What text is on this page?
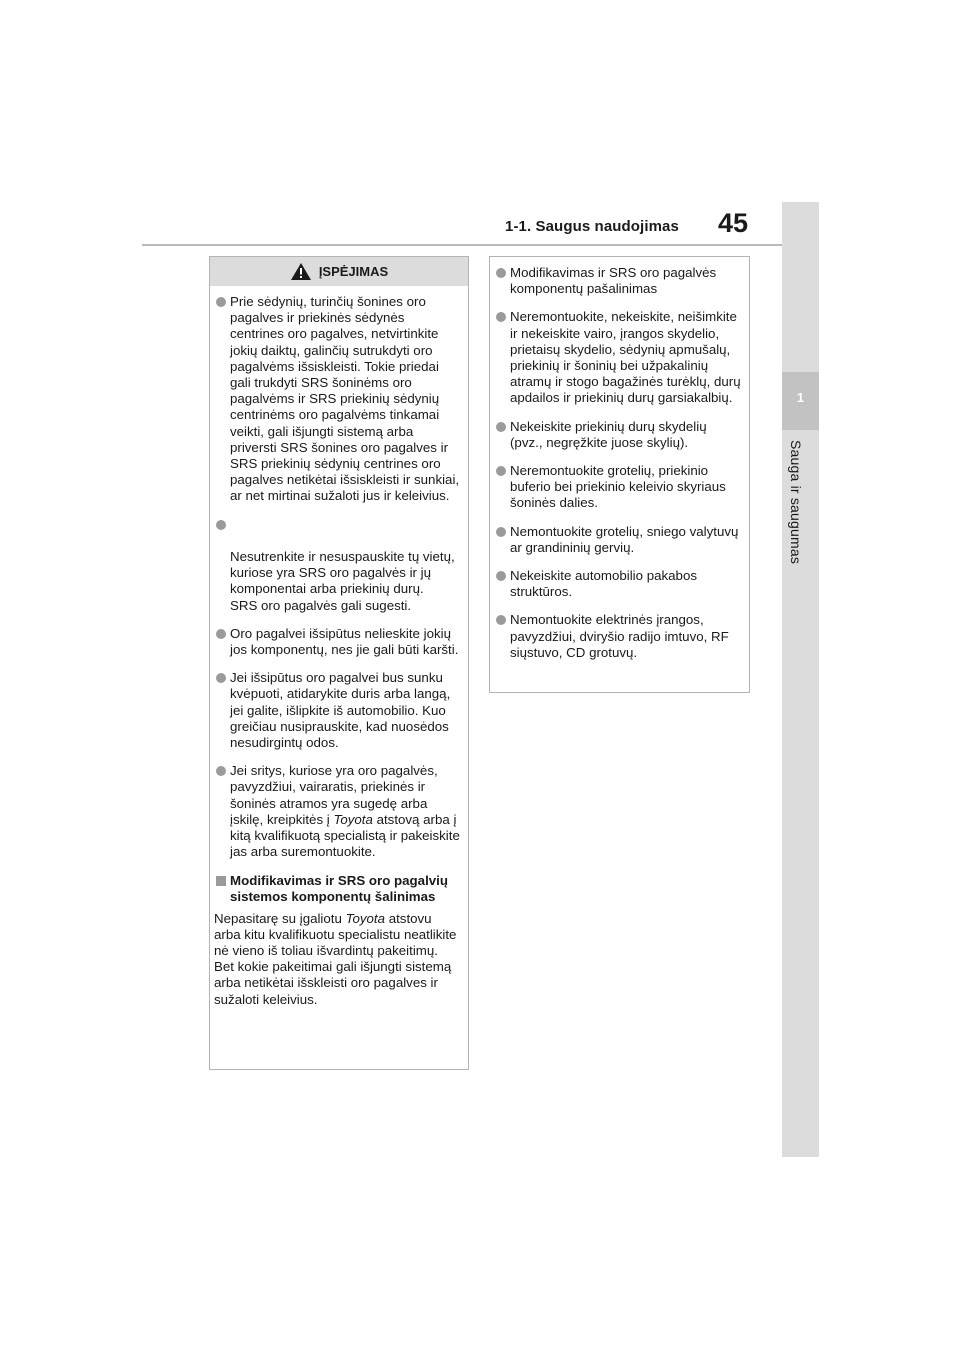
1-1. Saugus naudojimas 45
1
Sauga ir saugumas
ĮSPĖJIMAS
Prie sėdynių, turinčių šonines oro pagalves ir priekinės sėdynės centrines oro pagalves, netvirtinkite jokių daiktų, galinčių sutrukdyti oro pagalvėms išsiskleisti. Tokie priedai gali trukdyti SRS šoninėms oro pagalvėms ir SRS priekinių sėdynių centrinėms oro pagalvėms tinkamai veikti, gali išjungti sistemą arba priversti SRS šonines oro pagalves ir SRS priekinių sėdynių centrines oro pagalves netikėtai išsiskleisti ir sunkiai, ar net mirtinai sužaloti jus ir keleivius.

Nesutrenkite ir nesuspauskite tų vietų, kuriose yra SRS oro pagalvės ir jų komponentai arba priekinių durų.
SRS oro pagalvės gali sugesti.

Oro pagalvei išsipūtus nelieskite jokių jos komponentų, nes jie gali būti karšti.
Jei išsipūtus oro pagalvei bus sunku kvėpuoti, atidarykite duris arba langą, jei galite, išlipkite iš automobilio. Kuo greičiau nusiprauskite, kad nuosėdos nesudirgintų odos.
Jei sritys, kuriose yra oro pagalvės, pavyzdžiui, vairaratis, priekinės ir šoninės atramos yra sugedę arba įskilę, kreipkitės į Toyota atstovą arba į kitą kvalifikuotą specialistą ir pakeiskite jas arba suremontuokite.
Modifikavimas ir SRS oro pagalvių sistemos komponentų šalinimas
Nepasitarę su įgaliotu Toyota atstovu arba kitu kvalifikuotu specialistu neatlikite nė vieno iš toliau išvardintų pakeitimų. Bet kokie pakeitimai gali išjungti sistemą arba netikėtai išskleisti oro pagalves ir sužaloti keleivius.
Modifikavimas ir SRS oro pagalvės komponentų pašalinimas
Neremontuokite, nekeiskite, neišimkite ir nekeiskite vairo, įrangos skydelio, prietaisų skydelio, sėdynių apmušalų, priekinių ir šoninių bei užpakalinių atramų ir stogo bagažinės turėklų, durų apdailos ir priekinių durų garsiakalbių.
Nekeiskite priekinių durų skydelių (pvz., negręžkite juose skylių).
Neremontuokite grotelių, priekinio buferio bei priekinio keleivio skyriaus šoninės dalies.
Nemontuokite grotelių, sniego valytuvų ar grandininių gervių.
Nekeiskite automobilio pakabos struktūros.
Nemontuokite elektrinės įrangos, pavyzdžiui, dviryšio radijo imtuvo, RF siųstuvo, CD grotuvų.
